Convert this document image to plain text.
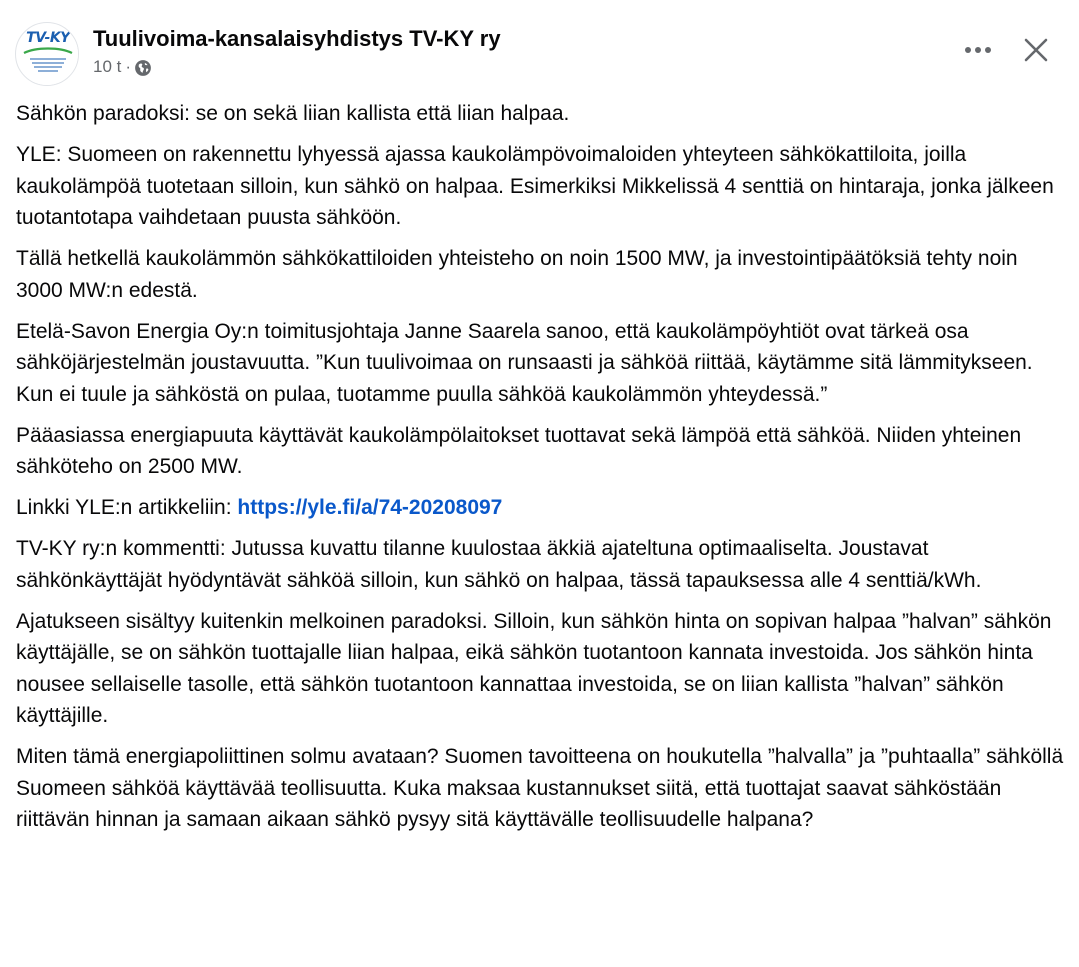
TV-KY	Tuulivoima-kansalaisyhdistys TV-KY ry
10 t ·

Sähkön paradoksi: se on sekä liian kallista että liian halpaa.

YLE: Suomeen on rakennettu lyhyessä ajassa kaukolämpövoimaloiden yhteyteen sähkökattiloita, joilla kaukolämpöä tuotetaan silloin, kun sähkö on halpaa. Esimerkiksi Mikkelissä 4 senttiä on hintaraja, jonka jälkeen tuotantotapa vaihdetaan puusta sähköön.

Tällä hetkellä kaukolämmön sähkökattiloiden yhteisteho on noin 1500 MW, ja investointipäätöksiä tehty noin 3000 MW:n edestä.

Etelä-Savon Energia Oy:n toimitusjohtaja Janne Saarela sanoo, että kaukolämpöyhtiöt ovat tärkeä osa sähköjärjestelmän joustavuutta. ”Kun tuulivoimaa on runsaasti ja sähköä riittää, käytämme sitä lämmitykseen. Kun ei tuule ja sähköstä on pulaa, tuotamme puulla sähköä kaukolämmön yhteydessä.”

Pääasiassa energiapuuta käyttävät kaukolämpölaitokset tuottavat sekä lämpöä että sähköä. Niiden yhteinen sähköteho on 2500 MW.

Linkki YLE:n artikkeliin: https://yle.fi/a/74-20208097

TV-KY ry:n kommentti: Jutussa kuvattu tilanne kuulostaa äkkiä ajateltuna optimaaliselta. Joustavat sähkönkäyttäjät hyödyntävät sähköä silloin, kun sähkö on halpaa, tässä tapauksessa alle 4 senttiä/kWh.

Ajatukseen sisältyy kuitenkin melkoinen paradoksi. Silloin, kun sähkön hinta on sopivan halpaa ”halvan” sähkön käyttäjälle, se on sähkön tuottajalle liian halpaa, eikä sähkön tuotantoon kannata investoida. Jos sähkön hinta nousee sellaiselle tasolle, että sähkön tuotantoon kannattaa investoida, se on liian kallista ”halvan” sähkön käyttäjille.

Miten tämä energiapoliittinen solmu avataan? Suomen tavoitteena on houkutella ”halvalla” ja ”puhtaalla” sähköllä Suomeen sähköä käyttävää teollisuutta. Kuka maksaa kustannukset siitä, että tuottajat saavat sähköstään riittävän hinnan ja samaan aikaan sähkö pysyy sitä käyttävälle teollisuudelle halpana?
